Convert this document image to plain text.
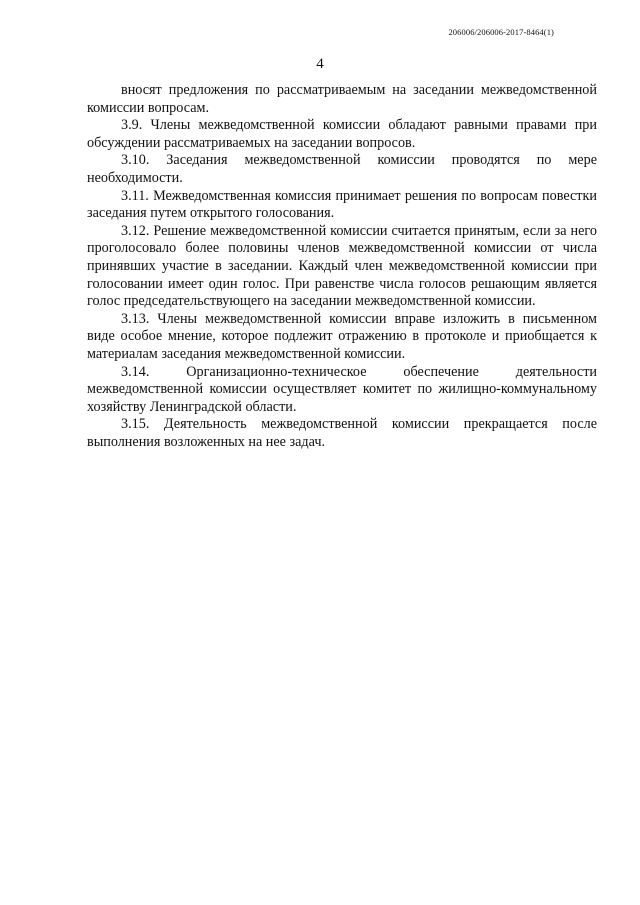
206006/206006-2017-8464(1)
4

вносят предложения по рассматриваемым на заседании межведомственной комиссии вопросам.

3.9. Члены межведомственной комиссии обладают равными правами при обсуждении рассматриваемых на заседании вопросов.

3.10. Заседания межведомственной комиссии проводятся по мере необходимости.

3.11. Межведомственная комиссия принимает решения по вопросам повестки заседания путем открытого голосования.

3.12. Решение межведомственной комиссии считается принятым, если за него проголосовало более половины членов межведомственной комиссии от числа принявших участие в заседании. Каждый член межведомственной комиссии при голосовании имеет один голос. При равенстве числа голосов решающим является голос председательствующего на заседании межведомственной комиссии.

3.13. Члены межведомственной комиссии вправе изложить в письменном виде особое мнение, которое подлежит отражению в протоколе и приобщается к материалам заседания межведомственной комиссии.

3.14. Организационно-техническое обеспечение деятельности межведомственной комиссии осуществляет комитет по жилищно-коммунальному хозяйству Ленинградской области.

3.15. Деятельность межведомственной комиссии прекращается после выполнения возложенных на нее задач.
